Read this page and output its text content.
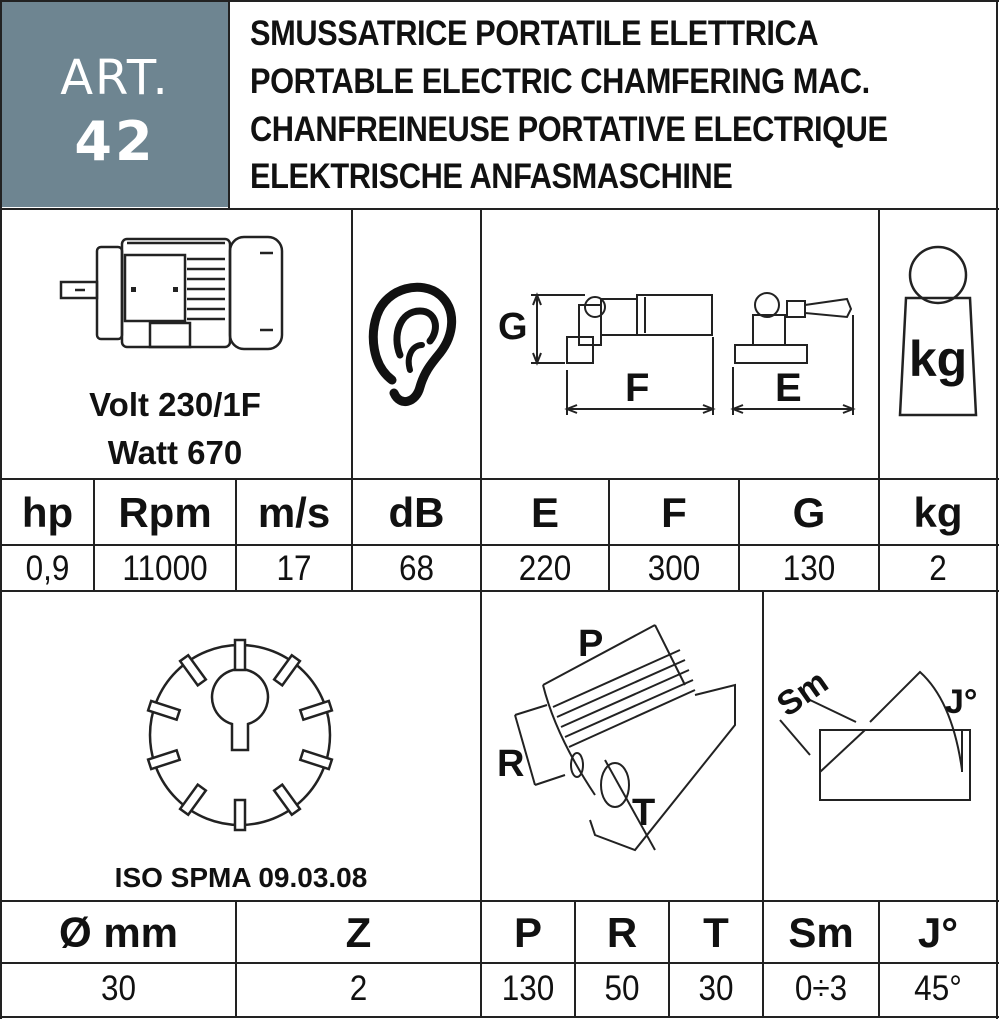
ART.
42
SMUSSATRICE PORTATILE ELETTRICA
PORTABLE ELECTRIC CHAMFERING MAC.
CHANFREINEUSE PORTATIVE ELECTRIQUE
ELEKTRISCHE ANFASMASCHINE
Volt 230/1F
Watt 670
G
F	E
kg
hp	Rpm	m/s	dB	E	F	G	kg
0,9	11000	17	68	220	300	130	2
ISO SPMA 09.03.08
P
R
T
Sm	J°
Ø mm	Z	P	R	T	Sm	J°
30	2	130	50	30	0÷3	45°
